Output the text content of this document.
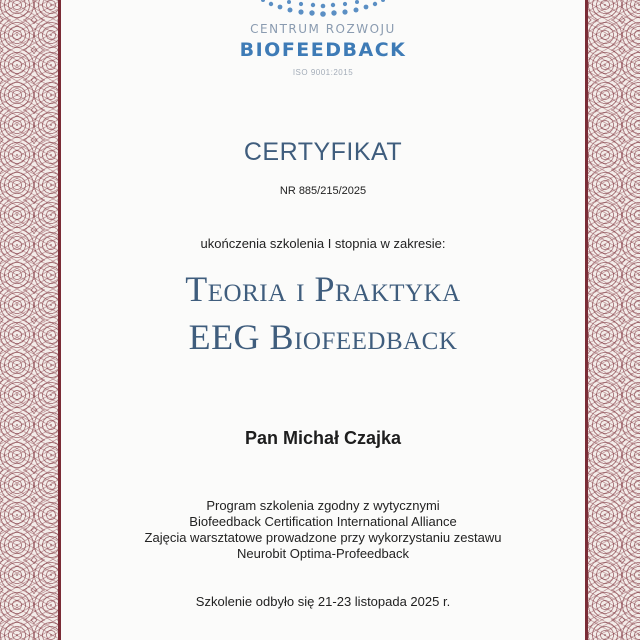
CENTRUM ROZWOJU
BIOFEEDBACK
ISO 9001:2015
CERTYFIKAT
NR 885/215/2025
ukończenia szkolenia I stopnia w zakresie:
Teoria i Praktyka
EEG Biofeedback
Pan Michał Czajka
Program szkolenia zgodny z wytycznymi
Biofeedback Certification International Alliance
Zajęcia warsztatowe prowadzone przy wykorzystaniu zestawu
Neurobit Optima-Profeedback
Szkolenie odbyło się 21-23 listopada 2025 r.
